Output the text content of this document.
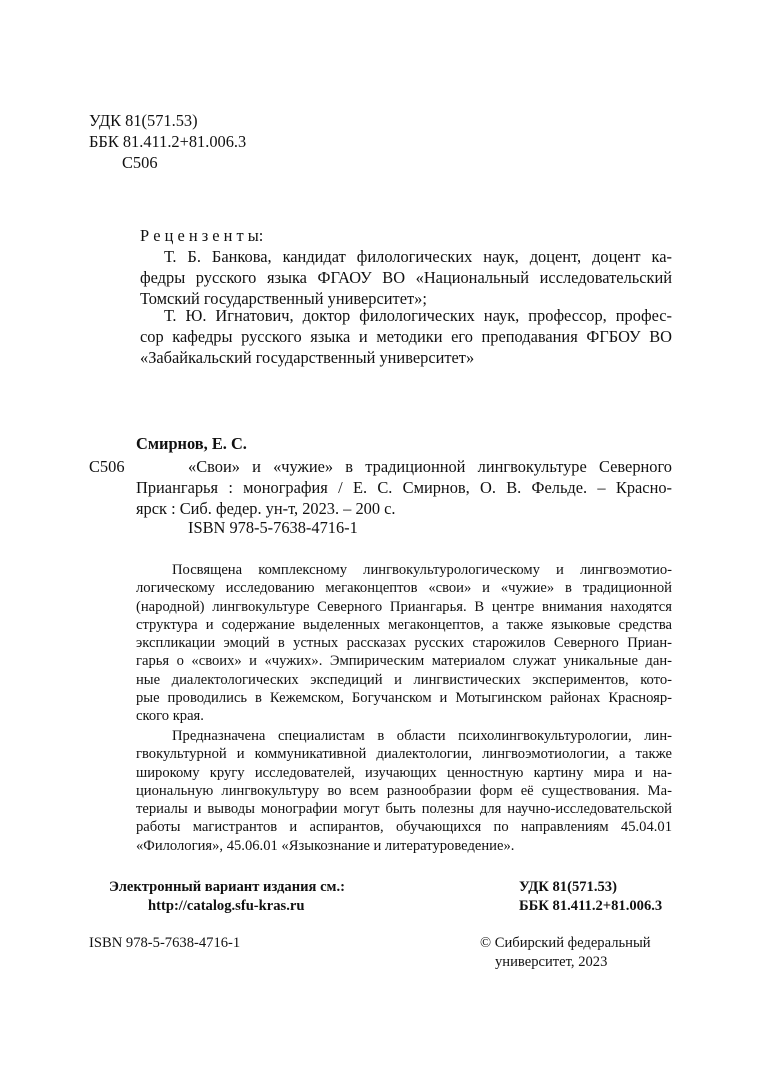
УДК 81(571.53)
ББК 81.411.2+81.006.3
С506
Р е ц е н з е н т ы:
Т. Б. Банкова, кандидат филологических наук, доцент, доцент ка-
федры русского языка ФГАОУ ВО «Национальный исследовательский
Томский государственный университет»;
Т. Ю. Игнатович, доктор филологических наук, профессор, профес-
сор кафедры русского языка и методики его преподавания ФГБОУ ВО
«Забайкальский государственный университет»
Смирнов, Е. С.
С506	«Свои» и «чужие» в традиционной лингвокультуре Северного
Приангарья : монография / Е. С. Смирнов, О. В. Фельде. – Красно-
ярск : Сиб. федер. ун-т, 2023. – 200 с.
ISBN 978-5-7638-4716-1
Посвящена комплексному лингвокультурологическому и лингвоэмотио-
логическому исследованию мегаконцептов «свои» и «чужие» в традиционной
(народной) лингвокультуре Северного Приангарья. В центре внимания находятся
структура и содержание выделенных мегаконцептов, а также языковые средства
экспликации эмоций в устных рассказах русских старожилов Северного Приан-
гарья о «своих» и «чужих». Эмпирическим материалом служат уникальные дан-
ные диалектологических экспедиций и лингвистических экспериментов, кото-
рые проводились в Кежемском, Богучанском и Мотыгинском районах Краснояр-
ского края.
Предназначена специалистам в области психолингвокультурологии, лин-
гвокультурной и коммуникативной диалектологии, лингвоэмотиологии, а также
широкому кругу исследователей, изучающих ценностную картину мира и на-
циональную лингвокультуру во всем разнообразии форм её существования. Ма-
териалы и выводы монографии могут быть полезны для научно-исследовательской
работы магистрантов и аспирантов, обучающихся по направлениям 45.04.01
«Филология», 45.06.01 «Языкознание и литературоведение».
Электронный вариант издания см.:
http://catalog.sfu-kras.ru
УДК 81(571.53)
ББК 81.411.2+81.006.3
ISBN 978-5-7638-4716-1	© Сибирский федеральный
университет, 2023
